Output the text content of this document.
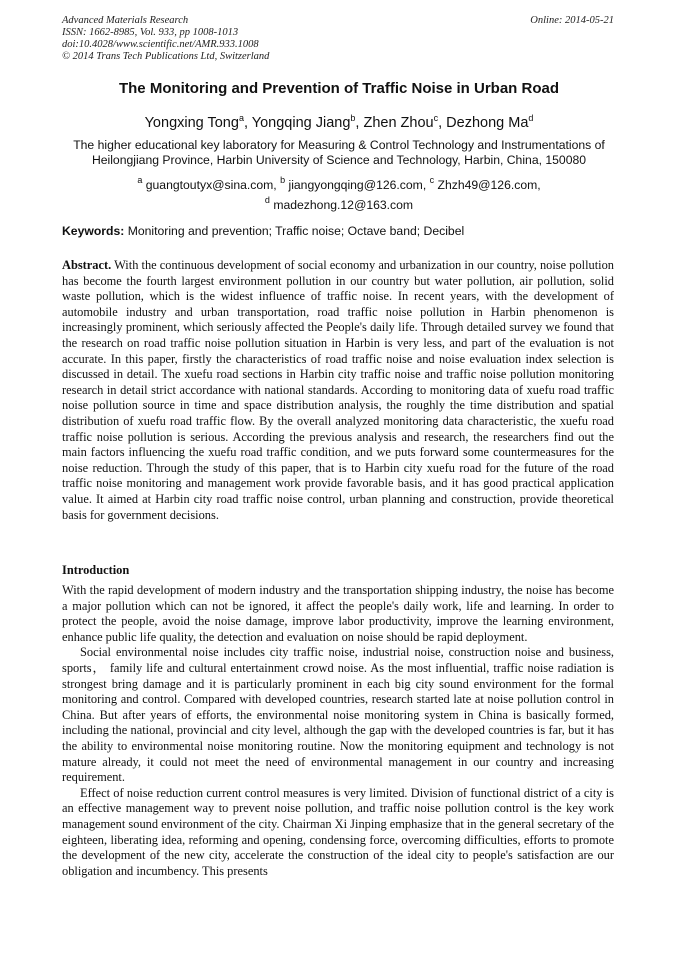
Advanced Materials Research	Online: 2014-05-21
ISSN: 1662-8985, Vol. 933, pp 1008-1013
doi:10.4028/www.scientific.net/AMR.933.1008
© 2014 Trans Tech Publications Ltd, Switzerland
The Monitoring and Prevention of Traffic Noise in Urban Road
Yongxing Tong$^a$, Yongqing Jiang$^b$, Zhen Zhou$^c$, Dezhong Ma$^d$
The higher educational key laboratory for Measuring & Control Technology and Instrumentations of Heilongjiang Province, Harbin University of Science and Technology, Harbin, China, 150080
$^a$ guangtoutyx@sina.com, $^b$ jiangyongqing@126.com, $^c$ Zhzh49@126.com,
$^d$ madezhong.12@163.com
Keywords: Monitoring and prevention; Traffic noise; Octave band; Decibel
Abstract. With the continuous development of social economy and urbanization in our country, noise pollution has become the fourth largest environment pollution in our country but water pollution, air pollution, solid waste pollution, which is the widest influence of traffic noise. In recent years, with the development of automobile industry and urban transportation, road traffic noise pollution in Harbin phenomenon is increasingly prominent, which seriously affected the People's daily life. Through detailed survey we found that the research on road traffic noise pollution situation in Harbin is very less, and part of the evaluation is not accurate. In this paper, firstly the characteristics of road traffic noise and noise evaluation index selection is discussed in detail. The xuefu road sections in Harbin city traffic noise and traffic noise pollution monitoring research in detail strict accordance with national standards. According to monitoring data of xuefu road traffic noise pollution source in time and space distribution analysis, the roughly the time distribution and spatial distribution of xuefu road traffic flow. By the overall analyzed monitoring data characteristic, the xuefu road traffic noise pollution is serious. According the previous analysis and research, the researchers find out the main factors influencing the xuefu road traffic condition, and we puts forward some countermeasures for the noise reduction. Through the study of this paper, that is to Harbin city xuefu road for the future of the road traffic noise monitoring and management work provide favorable basis, and it has good practical application value. It aimed at Harbin city road traffic noise control, urban planning and construction, provide theoretical basis for government decisions.
Introduction

With the rapid development of modern industry and the transportation shipping industry, the noise has become a major pollution which can not be ignored, it affect the people's daily work, life and learning. In order to protect the people, avoid the noise damage, improve labor productivity, improve the learning environment, enhance public life quality, the detection and evaluation on noise should be rapid deployment.

Social environmental noise includes city traffic noise, industrial noise, construction noise and business, sports， family life and cultural entertainment crowd noise. As the most influential, traffic noise radiation is strongest bring damage and it is particularly prominent in each big city sound environment for the formal monitoring and control. Compared with developed countries, research started late at noise pollution control in China. But after years of efforts, the environmental noise monitoring system in China is basically formed, including the national, provincial and city level, although the gap with the developed countries is far, but it has the ability to environmental noise monitoring routine. Now the monitoring equipment and technology is not mature already, it could not meet the need of environmental management in our country and increasing requirement.

Effect of noise reduction current control measures is very limited. Division of functional district of a city is an effective management way to prevent noise pollution, and traffic noise pollution control is the key work management sound environment of the city. Chairman Xi Jinping emphasize that in the general secretary of the eighteen, liberating idea, reforming and opening, condensing force, overcoming difficulties, efforts to promote the development of the new city, accelerate the construction of the ideal city to people's satisfaction are our obligation and incumbency. This presents
